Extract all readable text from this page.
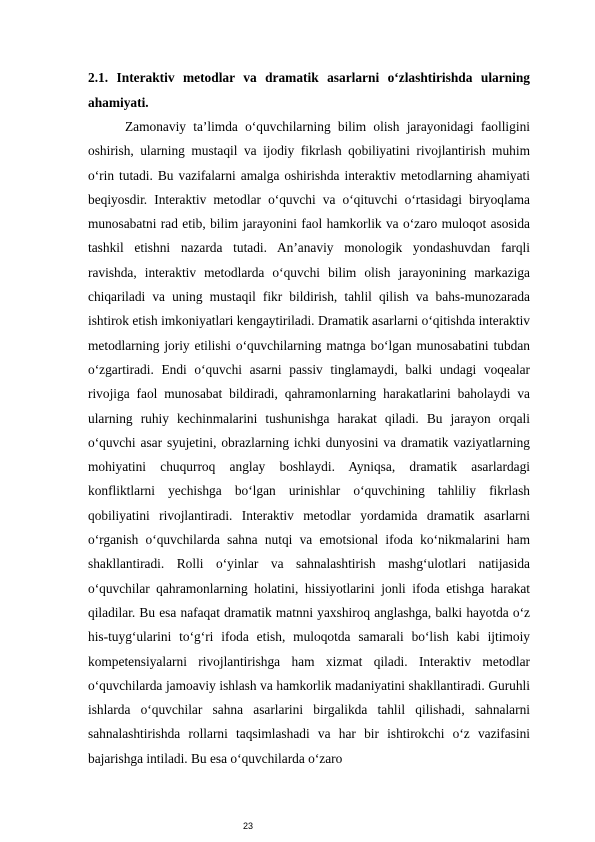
2.1. Interaktiv metodlar va dramatik asarlarni o‘zlashtirishda ularning ahamiyati.

Zamonaviy ta’limda o‘quvchilarning bilim olish jarayonidagi faolligini oshirish, ularning mustaqil va ijodiy fikrlash qobiliyatini rivojlantirish muhim o‘rin tutadi. Bu vazifalarni amalga oshirishda interaktiv metodlarning ahamiyati beqiyosdir. Interaktiv metodlar o‘quvchi va o‘qituvchi o‘rtasidagi biryoqlama munosabatni rad etib, bilim jarayonini faol hamkorlik va o‘zaro muloqot asosida tashkil etishni nazarda tutadi. An’anaviy monologik yondashuvdan farqli ravishda, interaktiv metodlarda o‘quvchi bilim olish jarayonining markaziga chiqariladi va uning mustaqil fikr bildirish, tahlil qilish va bahs-munozarada ishtirok etish imkoniyatlari kengaytiriladi. Dramatik asarlarni o‘qitishda interaktiv metodlarning joriy etilishi o‘quvchilarning matnga bo‘lgan munosabatini tubdan o‘zgartiradi. Endi o‘quvchi asarni passiv tinglamaydi, balki undagi voqealar rivojiga faol munosabat bildiradi, qahramonlarning harakatlarini baholaydi va ularning ruhiy kechinmalarini tushunishga harakat qiladi. Bu jarayon orqali o‘quvchi asar syujetini, obrazlarning ichki dunyosini va dramatik vaziyatlarning mohiyatini chuqurroq anglay boshlaydi. Ayniqsa, dramatik asarlardagi konfliktlarni yechishga bo‘lgan urinishlar o‘quvchining tahliliy fikrlash qobiliyatini rivojlantiradi. Interaktiv metodlar yordamida dramatik asarlarni o‘rganish o‘quvchilarda sahna nutqi va emotsional ifoda ko‘nikmalarini ham shakllantiradi. Rolli o‘yinlar va sahnalashtirish mashg‘ulotlari natijasida o‘quvchilar qahramonlarning holatini, hissiyotlarini jonli ifoda etishga harakat qiladilar. Bu esa nafaqat dramatik matnni yaxshiroq anglashga, balki hayotda o‘z his-tuyg‘ularini to‘g‘ri ifoda etish, muloqotda samarali bo‘lish kabi ijtimoiy kompetensiyalarni rivojlantirishga ham xizmat qiladi. Interaktiv metodlar o‘quvchilarda jamoaviy ishlash va hamkorlik madaniyatini shakllantiradi. Guruhli ishlarda o‘quvchilar sahna asarlarini birgalikda tahlil qilishadi, sahnalarni sahnalashtirishda rollarni taqsimlashadi va har bir ishtirokchi o‘z vazifasini bajarishga intiladi. Bu esa o‘quvchilarda o‘zaro

23
